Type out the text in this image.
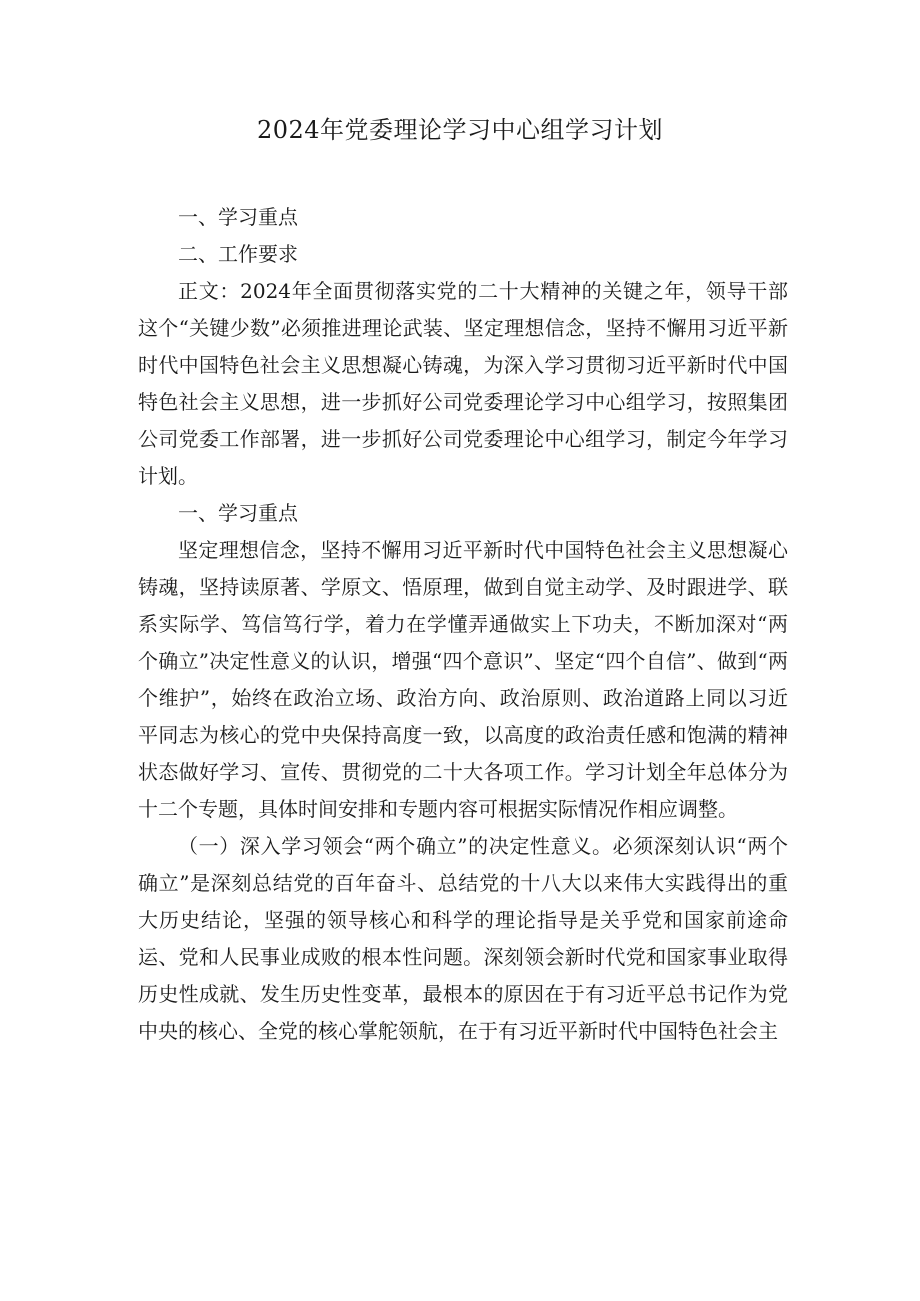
2024年党委理论学习中心组学习计划

一、学习重点

二、工作要求

正文：2024年全面贯彻落实党的二十大精神的关键之年，领导干部这个“关键少数”必须推进理论武装、坚定理想信念，坚持不懈用习近平新时代中国特色社会主义思想凝心铸魂，为深入学习贯彻习近平新时代中国特色社会主义思想，进一步抓好公司党委理论学习中心组学习，按照集团公司党委工作部署，进一步抓好公司党委理论中心组学习，制定今年学习计划。

一、学习重点

坚定理想信念，坚持不懈用习近平新时代中国特色社会主义思想凝心铸魂，坚持读原著、学原文、悟原理，做到自觉主动学、及时跟进学、联系实际学、笃信笃行学，着力在学懂弄通做实上下功夫，不断加深对“两个确立”决定性意义的认识，增强“四个意识”、坚定“四个自信”、做到“两个维护”，始终在政治立场、政治方向、政治原则、政治道路上同以习近平同志为核心的党中央保持高度一致，以高度的政治责任感和饱满的精神状态做好学习、宣传、贯彻党的二十大各项工作。学习计划全年总体分为十二个专题，具体时间安排和专题内容可根据实际情况作相应调整。

（一）深入学习领会“两个确立”的决定性意义。必须深刻认识“两个确立”是深刻总结党的百年奋斗、总结党的十八大以来伟大实践得出的重大历史结论，坚强的领导核心和科学的理论指导是关乎党和国家前途命运、党和人民事业成败的根本性问题。深刻领会新时代党和国家事业取得历史性成就、发生历史性变革，最根本的原因在于有习近平总书记作为党中央的核心、全党的核心掌舵领航，在于有习近平新时代中国特色社会主
